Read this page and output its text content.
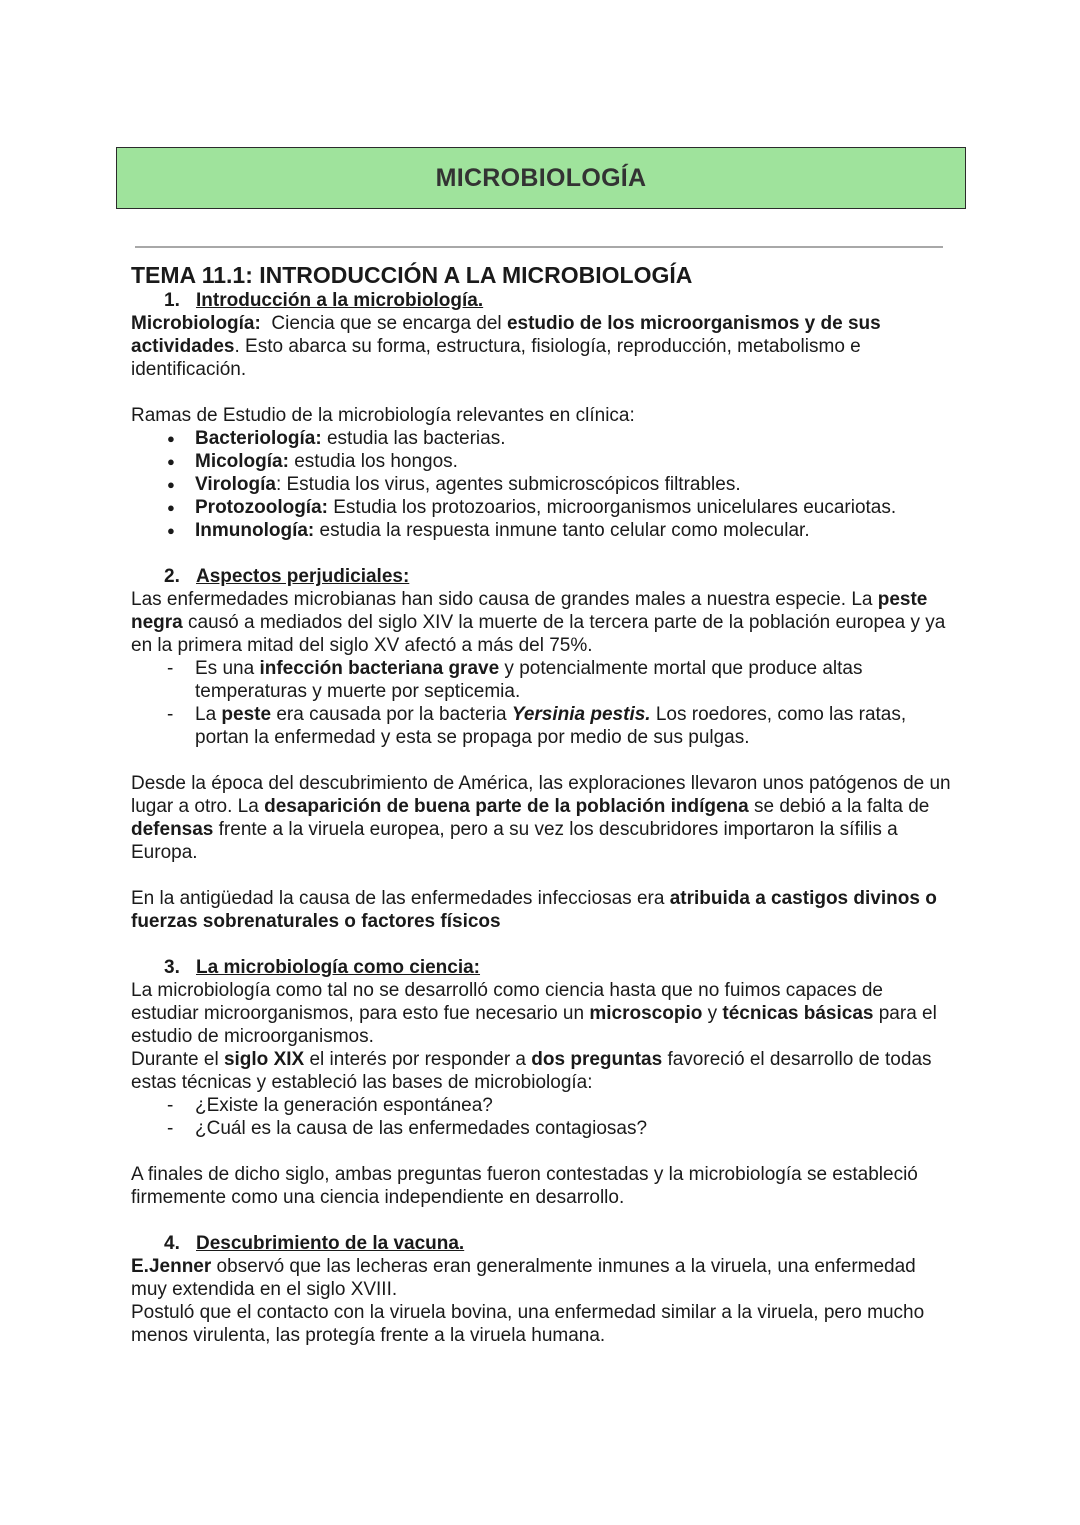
MICROBIOLOGÍA
TEMA 11.1: INTRODUCCIÓN A LA MICROBIOLOGÍA
1. Introducción a la microbiología.

Microbiología:  Ciencia que se encarga del estudio de los microorganismos y de sus actividades. Esto abarca su forma, estructura, fisiología, reproducción, metabolismo e identificación.

Ramas de Estudio de la microbiología relevantes en clínica:

● Bacteriología: estudia las bacterias.
● Micología: estudia los hongos.
● Virología: Estudia los virus, agentes submicroscópicos filtrables.
● Protozoología: Estudia los protozoarios, microorganismos unicelulares eucariotas.
● Inmunología: estudia la respuesta inmune tanto celular como molecular.
2. Aspectos perjudiciales:

Las enfermedades microbianas han sido causa de grandes males a nuestra especie. La peste negra causó a mediados del siglo XIV la muerte de la tercera parte de la población europea y ya en la primera mitad del siglo XV afectó a más del 75%.

- Es una infección bacteriana grave y potencialmente mortal que produce altas temperaturas y muerte por septicemia.
- La peste era causada por la bacteria Yersinia pestis. Los roedores, como las ratas, portan la enfermedad y esta se propaga por medio de sus pulgas.

Desde la época del descubrimiento de América, las exploraciones llevaron unos patógenos de un lugar a otro. La desaparición de buena parte de la población indígena se debió a la falta de defensas frente a la viruela europea, pero a su vez los descubridores importaron la sífilis a Europa.

En la antigüedad la causa de las enfermedades infecciosas era atribuida a castigos divinos o fuerzas sobrenaturales o factores físicos

3. La microbiología como ciencia:

La microbiología como tal no se desarrolló como ciencia hasta que no fuimos capaces de estudiar microorganismos, para esto fue necesario un microscopio y técnicas básicas para el estudio de microorganismos.

Durante el siglo XIX el interés por responder a dos preguntas favoreció el desarrollo de todas estas técnicas y estableció las bases de microbiología:

- ¿Existe la generación espontánea?
- ¿Cuál es la causa de las enfermedades contagiosas?

A finales de dicho siglo, ambas preguntas fueron contestadas y la microbiología se estableció firmemente como una ciencia independiente en desarrollo.

4. Descubrimiento de la vacuna.

E.Jenner observó que las lecheras eran generalmente inmunes a la viruela, una enfermedad muy extendida en el siglo XVIII.

Postuló que el contacto con la viruela bovina, una enfermedad similar a la viruela, pero mucho menos virulenta, las protegía frente a la viruela humana.
